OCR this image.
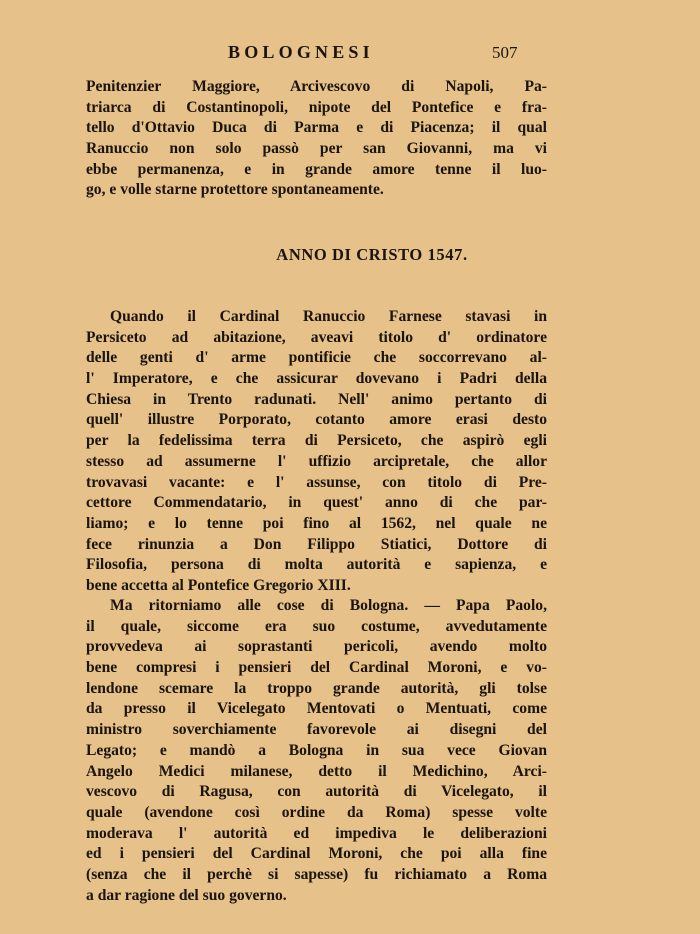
BOLOGNESI	507
Penitenzier Maggiore, Arcivescovo di Napoli, Pa-
triarca di Costantinopoli, nipote del Pontefice e fra-
tello d'Ottavio Duca di Parma e di Piacenza; il qual
Ranuccio non solo passò per san Giovanni, ma vi
ebbe permanenza, e in grande amore tenne il luo-
go, e volle starne protettore spontaneamente.
ANNO DI CRISTO 1547.
Quando il Cardinal Ranuccio Farnese stavasi in
Persiceto ad abitazione, aveavi titolo d' ordinatore
delle genti d' arme pontificie che soccorrevano al-
l' Imperatore, e che assicurar dovevano i Padri della
Chiesa in Trento radunati. Nell' animo pertanto di
quell' illustre Porporato, cotanto amore erasi desto
per la fedelissima terra di Persiceto, che aspirò egli
stesso ad assumerne l' uffizio arcipretale, che allor
trovavasi vacante: e l' assunse, con titolo di Pre-
cettore Commendatario, in quest' anno di che par-
liamo; e lo tenne poi fino al 1562, nel quale ne
fece rinunzia a Don Filippo Stiatici, Dottore di
Filosofia, persona di molta autorità e sapienza, e
bene accetta al Pontefice Gregorio XIII.
Ma ritorniamo alle cose di Bologna. — Papa Paolo,
il quale, siccome era suo costume, avvedutamente
provvedeva ai soprastanti pericoli, avendo molto
bene compresi i pensieri del Cardinal Moroni, e vo-
lendone scemare la troppo grande autorità, gli tolse
da presso il Vicelegato Mentovati o Mentuati, come
ministro soverchiamente favorevole ai disegni del
Legato; e mandò a Bologna in sua vece Giovan
Angelo Medici milanese, detto il Medichino, Arci-
vescovo di Ragusa, con autorità di Vicelegato, il
quale (avendone così ordine da Roma) spesse volte
moderava l' autorità ed impediva le deliberazioni
ed i pensieri del Cardinal Moroni, che poi alla fine
(senza che il perchè si sapesse) fu richiamato a Roma
a dar ragione del suo governo.
